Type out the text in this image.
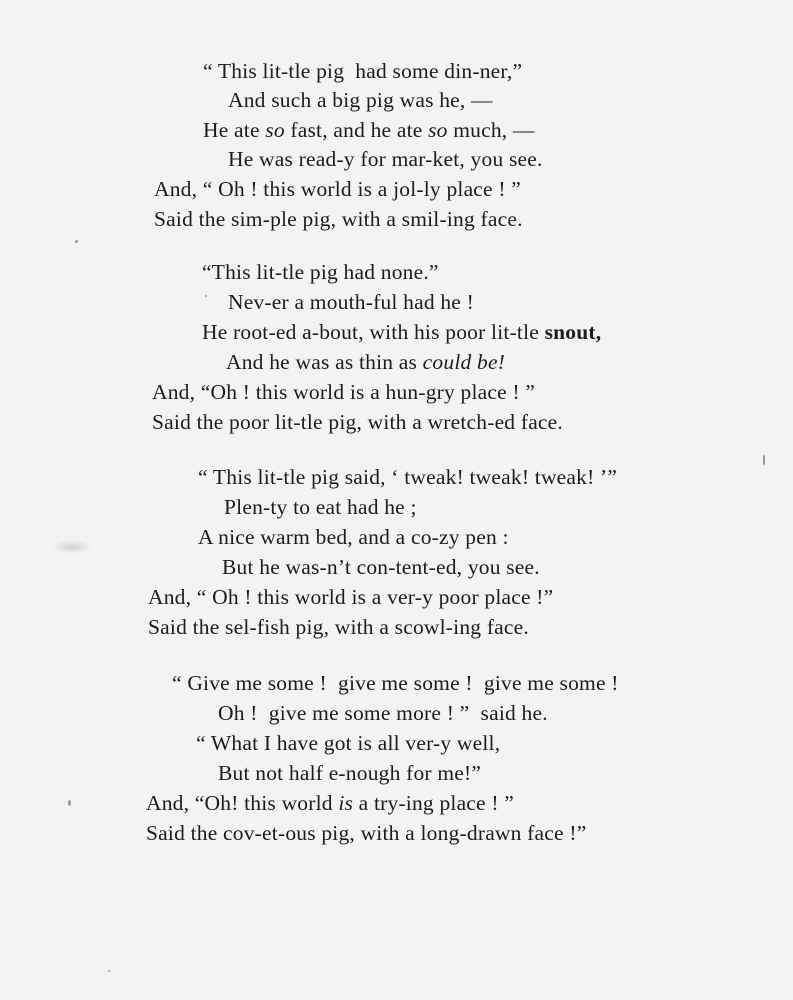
“ This lit-tle pig  had some din-ner,”
And such a big pig was he, —
He ate so fast, and he ate so much, —
He was read-y for mar-ket, you see.
And, “ Oh ! this world is a jol-ly place ! ”
Said the sim-ple pig, with a smil-ing face.
“This lit-tle pig had none.”
Nev-er a mouth-ful had he !
He root-ed a-bout, with his poor lit-tle snout,
And he was as thin as could be!
And, “Oh ! this world is a hun-gry place ! ”
Said the poor lit-tle pig, with a wretch-ed face.
“ This lit-tle pig said, ‘ tweak! tweak! tweak! ’”
Plen-ty to eat had he ;
A nice warm bed, and a co-zy pen :
But he was-n’t con-tent-ed, you see.
And, “ Oh ! this world is a ver-y poor place !”
Said the sel-fish pig, with a scowl-ing face.
“ Give me some !  give me some !  give me some !
Oh !  give me some more ! ”  said he.
“ What I have got is all ver-y well,
But not half e-nough for me!”
And, “Oh! this world is a try-ing place ! ”
Said the cov-et-ous pig, with a long-drawn face !”
